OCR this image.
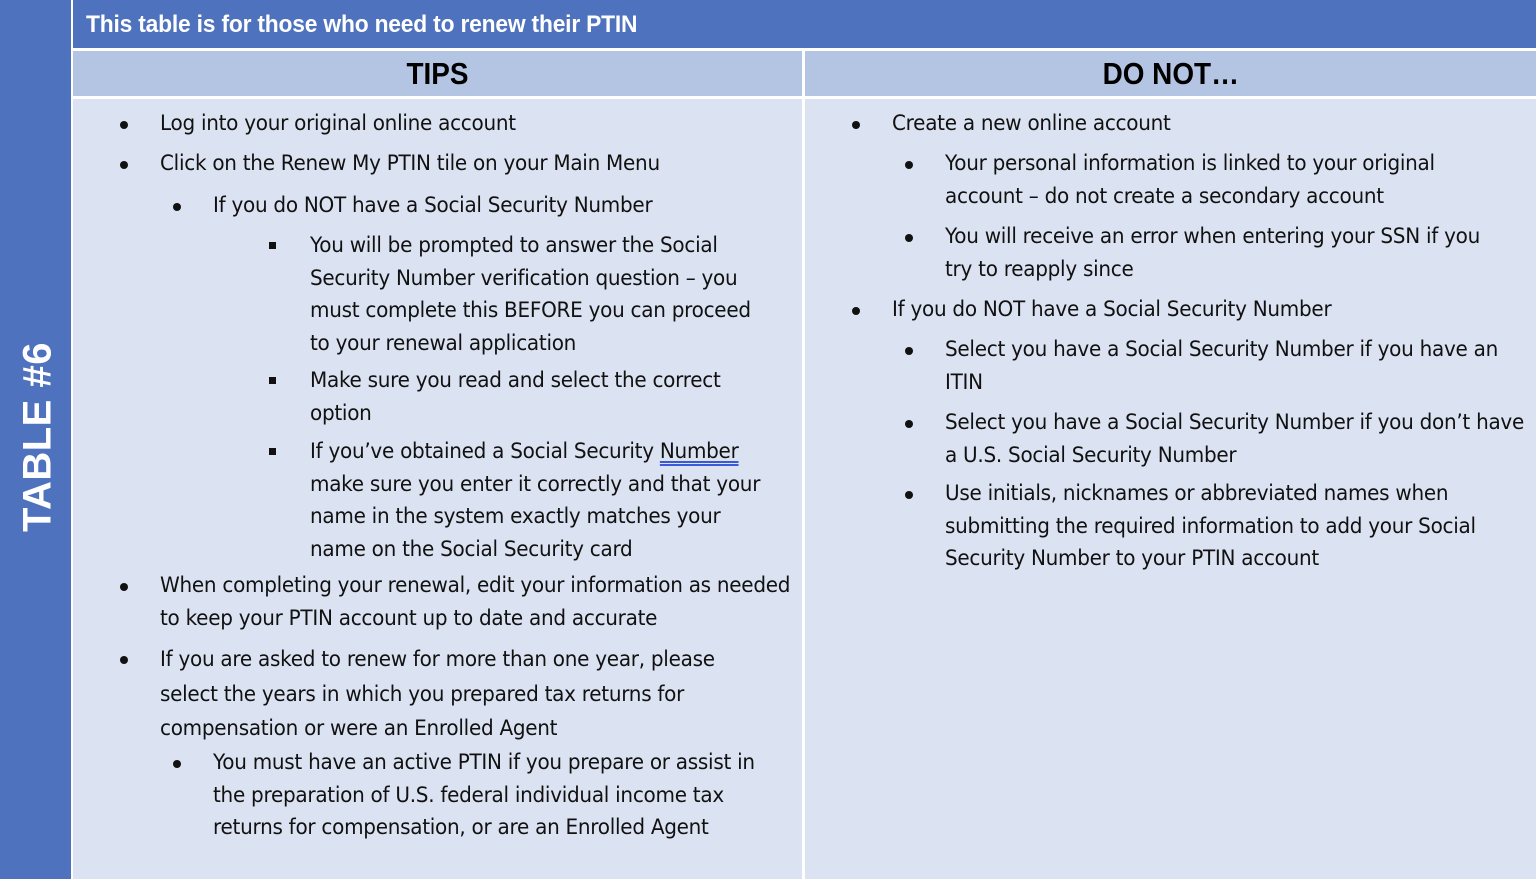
TABLE #6
This table is for those who need to renew their PTIN
TIPS	DO NOT…
Log into your original online account
Click on the Renew My PTIN tile on your Main Menu
If you do NOT have a Social Security Number
You will be prompted to answer the Social Security Number verification question – you must complete this BEFORE you can proceed to your renewal application
Make sure you read and select the correct option
If you’ve obtained a Social Security Number make sure you enter it correctly and that your name in the system exactly matches your name on the Social Security card
When completing your renewal, edit your information as needed to keep your PTIN account up to date and accurate
If you are asked to renew for more than one year, please select the years in which you prepared tax returns for compensation or were an Enrolled Agent
You must have an active PTIN if you prepare or assist in the preparation of U.S. federal individual income tax returns for compensation, or are an Enrolled Agent
Create a new online account
Your personal information is linked to your original account – do not create a secondary account
You will receive an error when entering your SSN if you try to reapply since
If you do NOT have a Social Security Number
Select you have a Social Security Number if you have an ITIN
Select you have a Social Security Number if you don’t have a U.S. Social Security Number
Use initials, nicknames or abbreviated names when submitting the required information to add your Social Security Number to your PTIN account
